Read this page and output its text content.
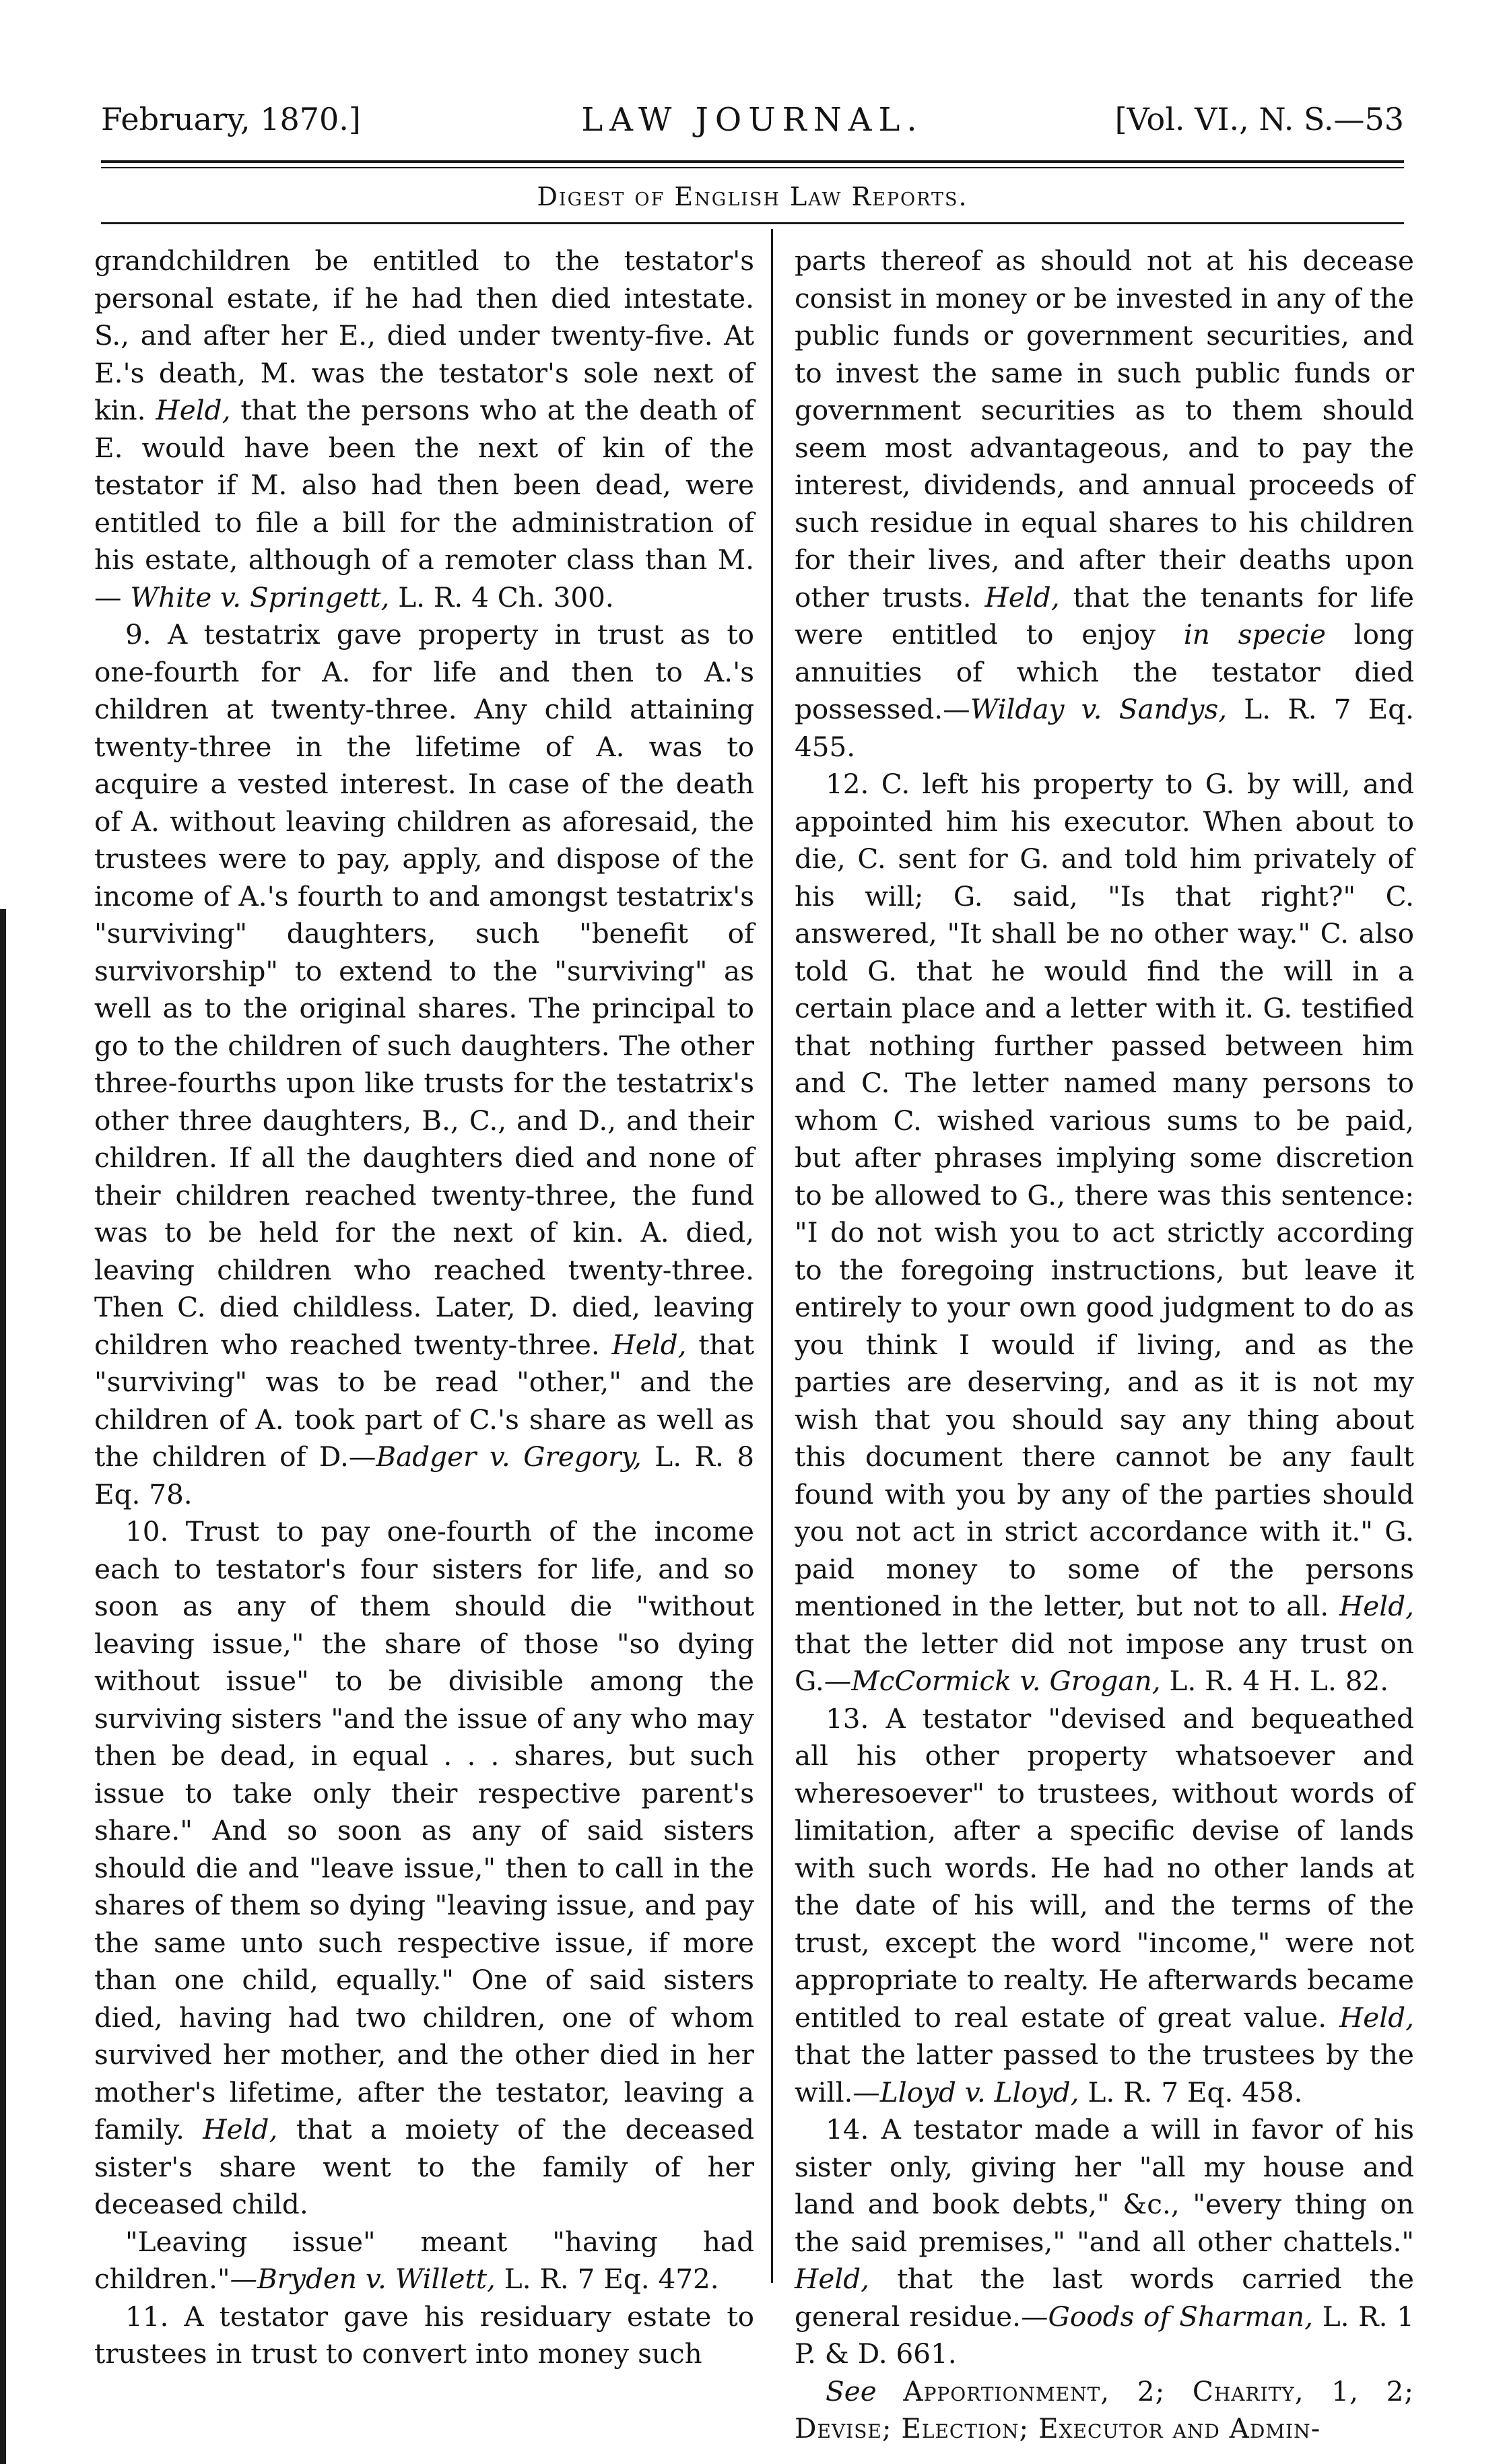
February, 1870.]	LAW JOURNAL.	[Vol. VI., N. S.—53
Digest of English Law Reports.

grandchildren be entitled to the testator's personal estate, if he had then died intestate. S., and after her E., died under twenty-five. At E.'s death, M. was the testator's sole next of kin. Held, that the persons who at the death of E. would have been the next of kin of the testator if M. also had then been dead, were entitled to file a bill for the administration of his estate, although of a remoter class than M.— White v. Springett, L. R. 4 Ch. 300.

9. A testatrix gave property in trust as to one-fourth for A. for life and then to A.'s children at twenty-three. Any child attaining twenty-three in the lifetime of A. was to acquire a vested interest. In case of the death of A. without leaving children as aforesaid, the trustees were to pay, apply, and dispose of the income of A.'s fourth to and amongst testatrix's "surviving" daughters, such "benefit of survivorship" to extend to the "surviving" as well as to the original shares. The principal to go to the children of such daughters. The other three-fourths upon like trusts for the testatrix's other three daughters, B., C., and D., and their children. If all the daughters died and none of their children reached twenty-three, the fund was to be held for the next of kin. A. died, leaving children who reached twenty-three. Then C. died childless. Later, D. died, leaving children who reached twenty-three. Held, that "surviving" was to be read "other," and the children of A. took part of C.'s share as well as the children of D.—Badger v. Gregory, L. R. 8 Eq. 78.

10. Trust to pay one-fourth of the income each to testator's four sisters for life, and so soon as any of them should die "without leaving issue," the share of those "so dying without issue" to be divisible among the surviving sisters "and the issue of any who may then be dead, in equal . . . shares, but such issue to take only their respective parent's share." And so soon as any of said sisters should die and "leave issue," then to call in the shares of them so dying "leaving issue, and pay the same unto such respective issue, if more than one child, equally." One of said sisters died, having had two children, one of whom survived her mother, and the other died in her mother's lifetime, after the testator, leaving a family. Held, that a moiety of the deceased sister's share went to the family of her deceased child.

"Leaving issue" meant "having had children."—Bryden v. Willett, L. R. 7 Eq. 472.

11. A testator gave his residuary estate to trustees in trust to convert into money such

parts thereof as should not at his decease consist in money or be invested in any of the public funds or government securities, and to invest the same in such public funds or government securities as to them should seem most advantageous, and to pay the interest, dividends, and annual proceeds of such residue in equal shares to his children for their lives, and after their deaths upon other trusts. Held, that the tenants for life were entitled to enjoy in specie long annuities of which the testator died possessed.—Wilday v. Sandys, L. R. 7 Eq. 455.

12. C. left his property to G. by will, and appointed him his executor. When about to die, C. sent for G. and told him privately of his will; G. said, "Is that right?" C. answered, "It shall be no other way." C. also told G. that he would find the will in a certain place and a letter with it. G. testified that nothing further passed between him and C. The letter named many persons to whom C. wished various sums to be paid, but after phrases implying some discretion to be allowed to G., there was this sentence: "I do not wish you to act strictly according to the foregoing instructions, but leave it entirely to your own good judgment to do as you think I would if living, and as the parties are deserving, and as it is not my wish that you should say any thing about this document there cannot be any fault found with you by any of the parties should you not act in strict accordance with it." G. paid money to some of the persons mentioned in the letter, but not to all. Held, that the letter did not impose any trust on G.—McCormick v. Grogan, L. R. 4 H. L. 82.

13. A testator "devised and bequeathed all his other property whatsoever and wheresoever" to trustees, without words of limitation, after a specific devise of lands with such words. He had no other lands at the date of his will, and the terms of the trust, except the word "income," were not appropriate to realty. He afterwards became entitled to real estate of great value. Held, that the latter passed to the trustees by the will.—Lloyd v. Lloyd, L. R. 7 Eq. 458.

14. A testator made a will in favor of his sister only, giving her "all my house and land and book debts," &c., "every thing on the said premises," "and all other chattels." Held, that the last words carried the general residue.—Goods of Sharman, L. R. 1 P. & D. 661.

See Apportionment, 2; Charity, 1, 2; Devise; Election; Executor and Admin-
